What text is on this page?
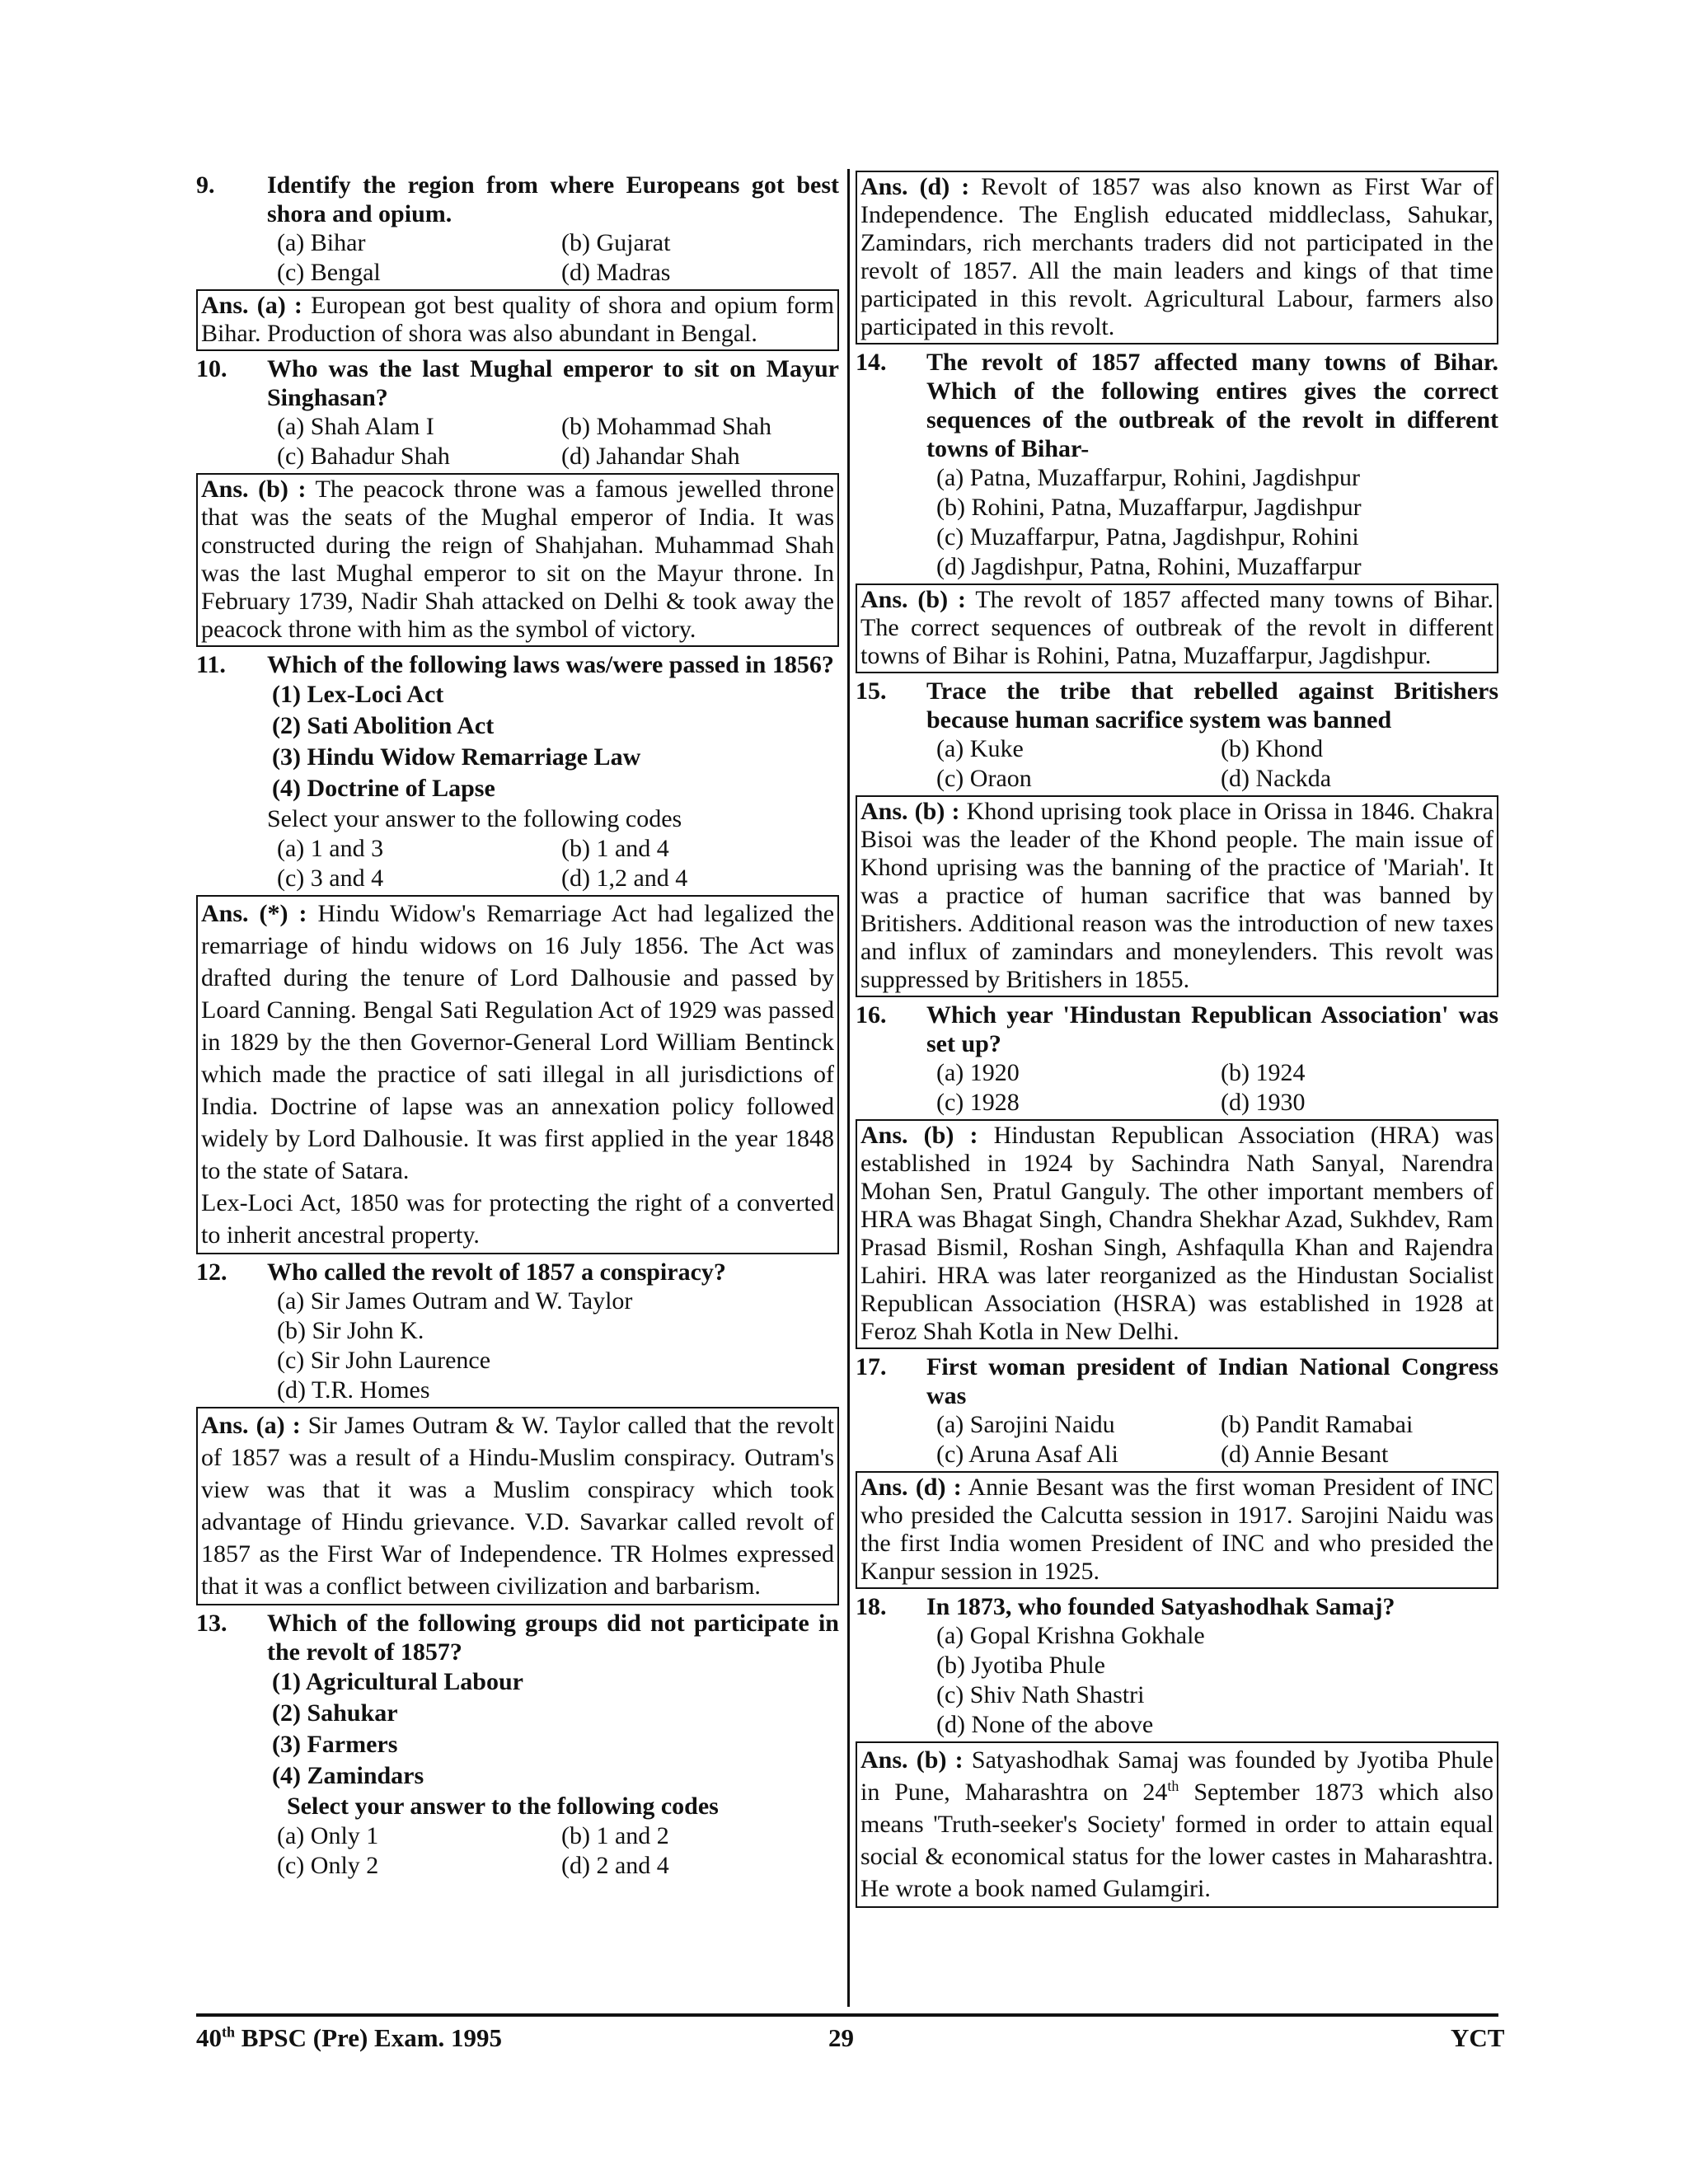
9.	Identify the region from where Europeans got best shora and opium.
(a) Bihar	(b) Gujarat
(c) Bengal	(d) Madras
Ans. (a) : European got best quality of shora and opium form Bihar. Production of shora was also abundant in Bengal.
10.	Who was the last Mughal emperor to sit on Mayur Singhasan?
(a) Shah Alam I	(b) Mohammad Shah
(c) Bahadur Shah	(d) Jahandar Shah
Ans. (b) : The peacock throne was a famous jewelled throne that was the seats of the Mughal emperor of India. It was constructed during the reign of Shahjahan. Muhammad Shah was the last Mughal emperor to sit on the Mayur throne. In February 1739, Nadir Shah attacked on Delhi & took away the peacock throne with him as the symbol of victory.
11.	Which of the following laws was/were passed in 1856?
(1) Lex-Loci Act
(2) Sati Abolition Act
(3) Hindu Widow Remarriage Law
(4) Doctrine of Lapse
Select your answer to the following codes
(a) 1 and 3	(b) 1 and 4
(c) 3 and 4	(d) 1,2 and 4

Ans. (*) : Hindu Widow's Remarriage Act had legalized the remarriage of hindu widows on 16 July 1856. The Act was drafted during the tenure of Lord Dalhousie and passed by Loard Canning. Bengal Sati Regulation Act of 1929 was passed in 1829 by the then Governor-General Lord William Bentinck which made the practice of sati illegal in all jurisdictions of India. Doctrine of lapse was an annexation policy followed widely by Lord Dalhousie. It was first applied in the year 1848 to the state of Satara.

Lex-Loci Act, 1850 was for protecting the right of a converted to inherit ancestral property.

12.	Who called the revolt of 1857 a conspiracy?
(a) Sir James Outram and W. Taylor
(b) Sir John K.
(c) Sir John Laurence
(d) T.R. Homes
Ans. (a) : Sir James Outram & W. Taylor called that the revolt of 1857 was a result of a Hindu-Muslim conspiracy. Outram's view was that it was a Muslim conspiracy which took advantage of Hindu grievance. V.D. Savarkar called revolt of 1857 as the First War of Independence. TR Holmes expressed that it was a conflict between civilization and barbarism.
13.	Which of the following groups did not participate in the revolt of 1857?
(1) Agricultural Labour
(2) Sahukar
(3) Farmers
(4) Zamindars
Select your answer to the following codes
(a) Only 1	(b) 1 and 2
(c) Only 2	(d) 2 and 4
Ans. (d) : Revolt of 1857 was also known as First War of Independence. The English educated middleclass, Sahukar, Zamindars, rich merchants traders did not participated in the revolt of 1857. All the main leaders and kings of that time participated in this revolt. Agricultural Labour, farmers also participated in this revolt.
14.	The revolt of 1857 affected many towns of Bihar. Which of the following entires gives the correct sequences of the outbreak of the revolt in different towns of Bihar-
(a) Patna, Muzaffarpur, Rohini, Jagdishpur
(b) Rohini, Patna, Muzaffarpur, Jagdishpur
(c) Muzaffarpur, Patna, Jagdishpur, Rohini
(d) Jagdishpur, Patna, Rohini, Muzaffarpur
Ans. (b) : The revolt of 1857 affected many towns of Bihar. The correct sequences of outbreak of the revolt in different towns of Bihar is Rohini, Patna, Muzaffarpur, Jagdishpur.
15.	Trace the tribe that rebelled against Britishers because human sacrifice system was banned
(a) Kuke	(b) Khond
(c) Oraon	(d) Nackda
Ans. (b) : Khond uprising took place in Orissa in 1846. Chakra Bisoi was the leader of the Khond people. The main issue of Khond uprising was the banning of the practice of 'Mariah'. It was a practice of human sacrifice that was banned by Britishers. Additional reason was the introduction of new taxes and influx of zamindars and moneylenders. This revolt was suppressed by Britishers in 1855.
16.	Which year 'Hindustan Republican Association' was set up?
(a) 1920	(b) 1924
(c) 1928	(d) 1930
Ans. (b) : Hindustan Republican Association (HRA) was established in 1924 by Sachindra Nath Sanyal, Narendra Mohan Sen, Pratul Ganguly. The other important members of HRA was Bhagat Singh, Chandra Shekhar Azad, Sukhdev, Ram Prasad Bismil, Roshan Singh, Ashfaqulla Khan and Rajendra Lahiri. HRA was later reorganized as the Hindustan Socialist Republican Association (HSRA) was established in 1928 at Feroz Shah Kotla in New Delhi.
17.	First woman president of Indian National Congress was
(a) Sarojini Naidu	(b) Pandit Ramabai
(c) Aruna Asaf Ali	(d) Annie Besant
Ans. (d) : Annie Besant was the first woman President of INC who presided the Calcutta session in 1917. Sarojini Naidu was the first India women President of INC and who presided the Kanpur session in 1925.
18.	In 1873, who founded Satyashodhak Samaj?
(a) Gopal Krishna Gokhale
(b) Jyotiba Phule
(c) Shiv Nath Shastri
(d) None of the above
Ans. (b) : Satyashodhak Samaj was founded by Jyotiba Phule in Pune, Maharashtra on 24th September 1873 which also means 'Truth-seeker's Society' formed in order to attain equal social & economical status for the lower castes in Maharashtra. He wrote a book named Gulamgiri.
40th BPSC (Pre) Exam. 1995	29	YCT
